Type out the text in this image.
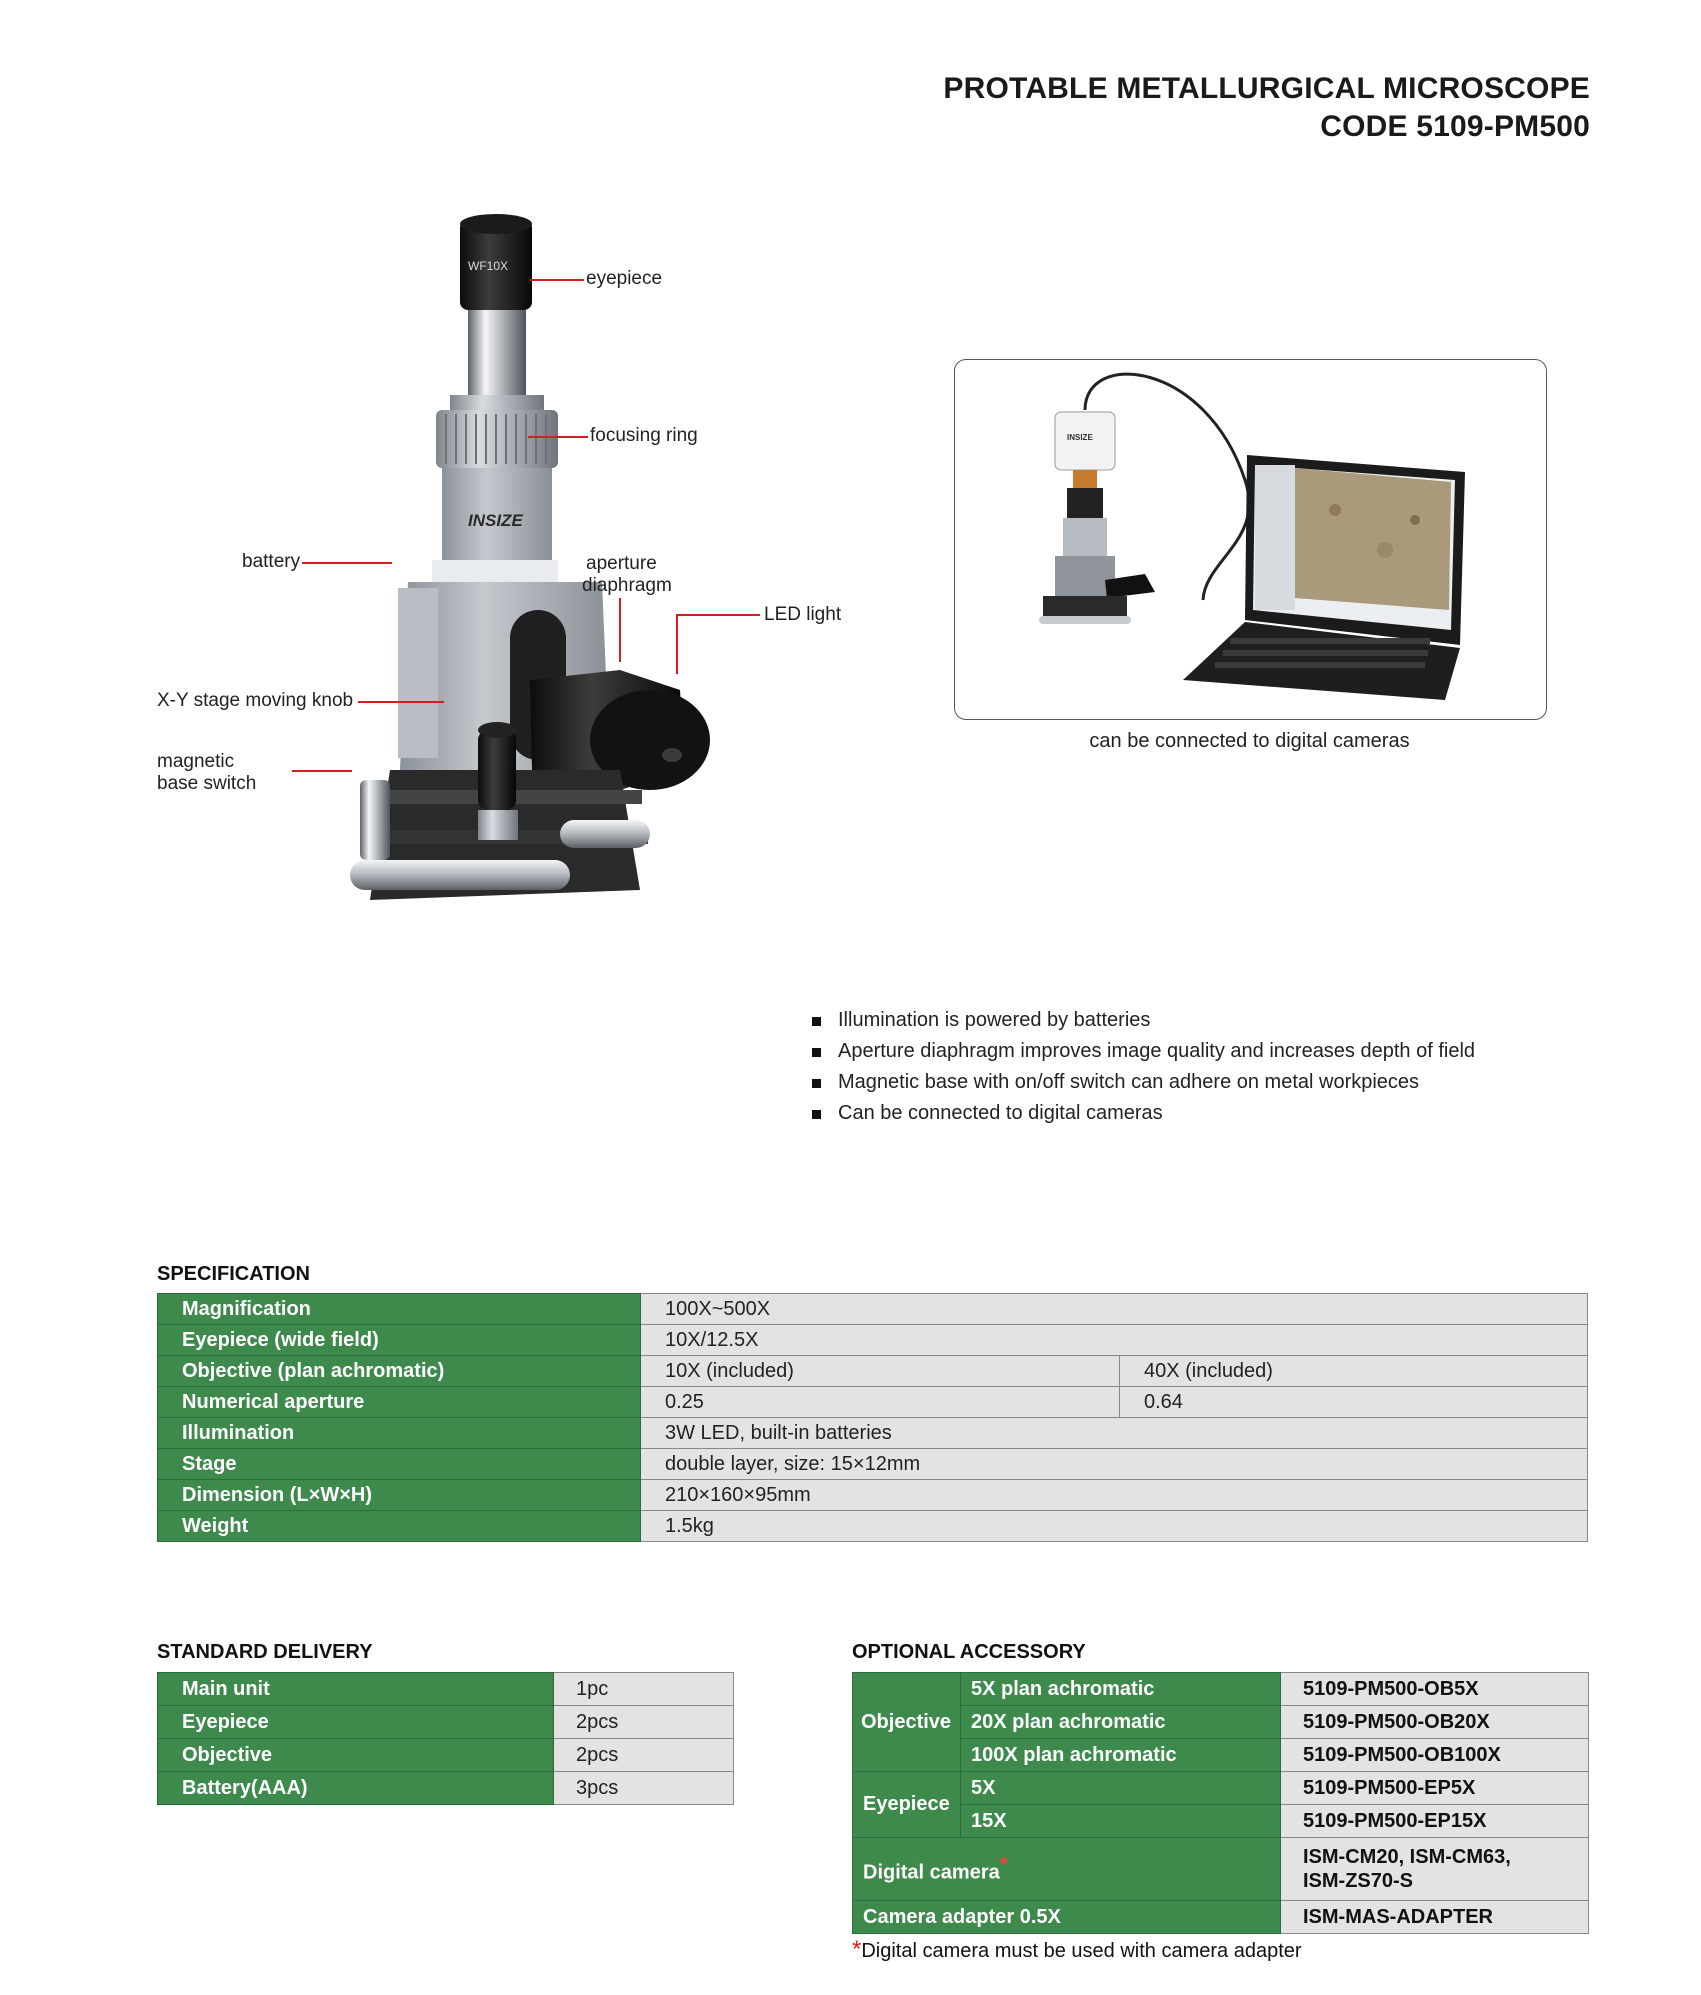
PROTABLE METALLURGICAL MICROSCOPE
CODE 5109-PM500
WF10X
INSIZE
eyepiece
focusing ring
battery	aperture
diaphragm
LED light
X-Y stage moving knob
magnetic
base switch
INSIZE
can be connected to digital cameras
Illumination is powered by batteries
Aperture diaphragm improves image quality and increases depth of field
Magnetic base with on/off switch can adhere on metal workpieces
Can be connected to digital cameras
SPECIFICATION
Magnification	100X~500X	
Eyepiece (wide field)	10X/12.5X	
Objective (plan achromatic)	10X (included)	40X (included)
Numerical aperture	0.25	0.64
Illumination	3W LED, built-in batteries	
Stage	double layer, size: 15×12mm	
Dimension (L×W×H)	210×160×95mm	
Weight	1.5kg	
STANDARD DELIVERY
Main unit	1pc
Eyepiece	2pcs
Objective	2pcs
Battery(AAA)	3pcs
OPTIONAL ACCESSORY
Objective	5X plan achromatic	5109-PM500-OB5X
	20X plan achromatic	5109-PM500-OB20X
	100X plan achromatic	5109-PM500-OB100X
Eyepiece	5X	5109-PM500-EP5X
	15X	5109-PM500-EP15X
Digital camera*		ISM-CM20, ISM-CM63,
ISM-ZS70-S

Camera adapter 0.5X		ISM-MAS-ADAPTER
*Digital camera must be used with camera adapter
